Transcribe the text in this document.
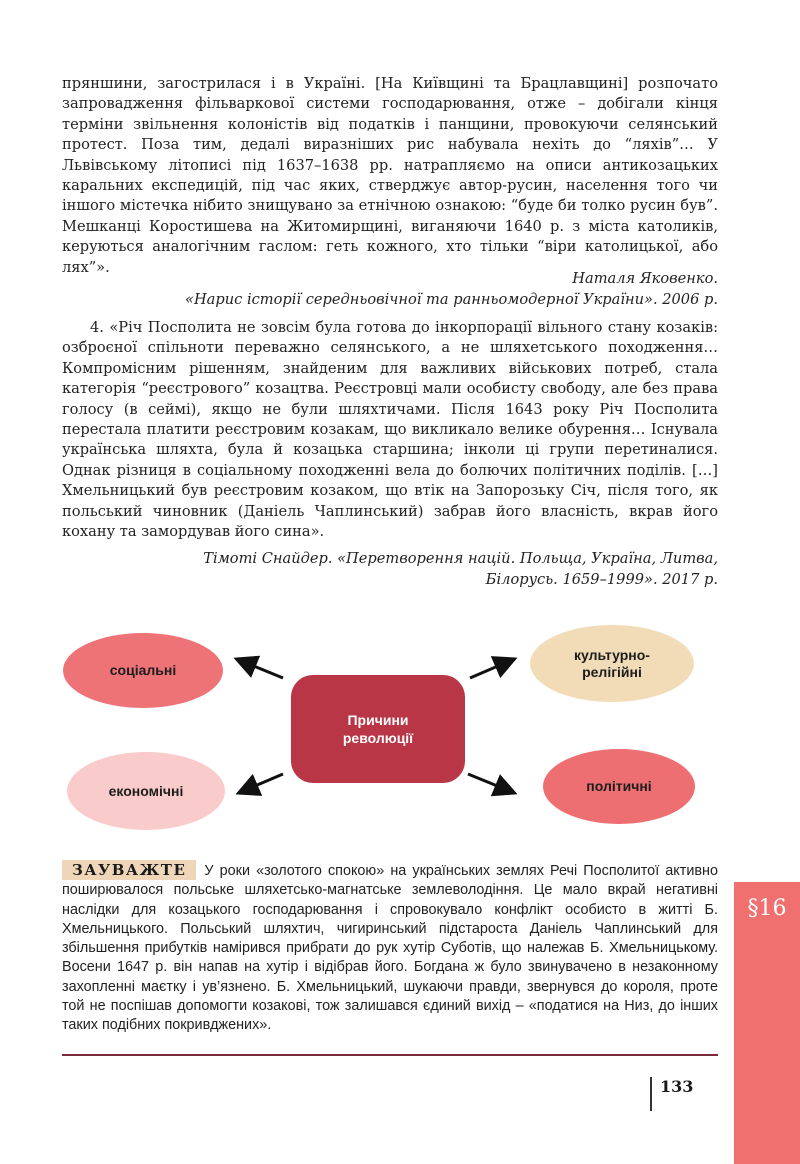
пряншини, загострилася і в Україні. [На Київщині та Брацлавщині] розпочато запровадження фільваркової системи господарювання, отже – добігали кінця терміни звільнення колоністів від податків і панщини, провокуючи селянський протест. Поза тим, дедалі виразніших рис набувала нехіть до “ляхів”… У Львівському літописі під 1637–1638 рр. натрапляємо на описи антикозацьких каральних експедицій, під час яких, стверджує автор-русин, населення того чи іншого містечка нібито знищувано за етнічною ознакою: “буде би толко русин був”. Мешканці Коростишева на Житомирщині, виганяючи 1640 р. з міста католиків, керуються аналогічним гаслом: геть кожного, хто тільки “віри католицької, або лях”».
Наталя Яковенко.
«Нарис історії середньовічної та ранньомодерної України». 2006 р.
4. «Річ Посполита не зовсім була готова до інкорпорації вільного стану козаків: озброєної спільноти переважно селянського, а не шляхетського походження… Компромісним рішенням, знайденим для важливих військових потреб, стала категорія “реєстрового” козацтва. Реєстровці мали особисту свободу, але без права голосу (в сеймі), якщо не були шляхтичами. Після 1643 року Річ Посполита перестала платити реєстровим козакам, що викликало велике обурення… Існувала українська шляхта, була й козацька старшина; інколи ці групи перетиналися. Однак різниця в соціальному походженні вела до болючих політичних поділів. […] Хмельницький був реєстровим козаком, що втік на Запорозьку Січ, після того, як польський чиновник (Даніель Чаплинський) забрав його власність, вкрав його кохану та замордував його сина».
Тімоті Снайдер. «Перетворення націй. Польща, Україна, Литва,
Білорусь. 1659–1999». 2017 р.
соціальні
культурно-релігійні
Причини революції
економічні	політичні
ЗАУВАЖТЕ У роки «золотого спокою» на українських землях Речі Посполитої активно поширювалося польське шляхетсько-магнатське землеволодіння. Це мало вкрай негативні наслідки для козацького господарювання і спровокувало конфлікт особисто в житті Б. Хмельницького. Польський шляхтич, чигиринський підстароста Даніель Чаплинський для збільшення прибутків намірився прибрати до рук хутір Суботів, що належав Б. Хмельницькому. Восени 1647 р. він напав на хутір і відібрав його. Богдана ж було звинувачено в незаконному захопленні маєтку і ув’язнено. Б. Хмельницький, шукаючи правди, звернувся до короля, проте той не поспішав допомогти козакові, тож залишався єдиний вихід – «податися на Низ, до інших таких подібних покривджених».
133
§16
